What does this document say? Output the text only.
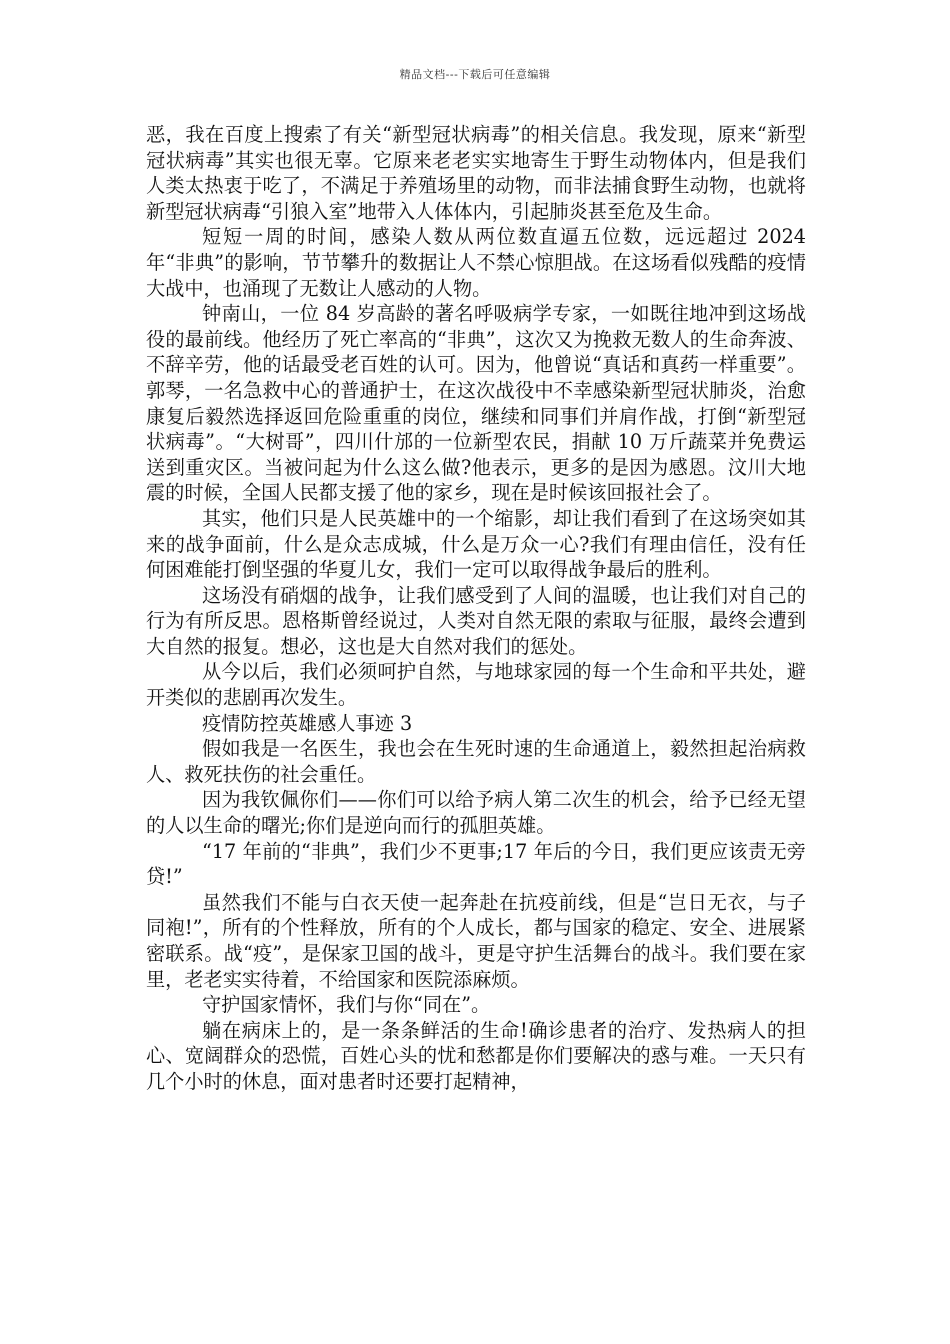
精品文档---下载后可任意编辑

恶，我在百度上搜索了有关“新型冠状病毒”的相关信息。我发现，原来“新型冠状病毒”其实也很无辜。它原来老老实实地寄生于野生动物体内，但是我们人类太热衷于吃了，不满足于养殖场里的动物，而非法捕食野生动物，也就将新型冠状病毒“引狼入室”地带入人体体内，引起肺炎甚至危及生命。

短短一周的时间，感染人数从两位数直逼五位数，远远超过 2024 年“非典”的影响，节节攀升的数据让人不禁心惊胆战。在这场看似残酷的疫情大战中，也涌现了无数让人感动的人物。

钟南山，一位 84 岁高龄的著名呼吸病学专家，一如既往地冲到这场战役的最前线。他经历了死亡率高的“非典”，这次又为挽救无数人的生命奔波、不辞辛劳，他的话最受老百姓的认可。因为，他曾说“真话和真药一样重要”。郭琴，一名急救中心的普通护士，在这次战役中不幸感染新型冠状肺炎，治愈康复后毅然选择返回危险重重的岗位，继续和同事们并肩作战，打倒“新型冠状病毒”。“大树哥”，四川什邡的一位新型农民，捐献 10 万斤蔬菜并免费运送到重灾区。当被问起为什么这么做?他表示，更多的是因为感恩。汶川大地震的时候，全国人民都支援了他的家乡，现在是时候该回报社会了。

其实，他们只是人民英雄中的一个缩影，却让我们看到了在这场突如其来的战争面前，什么是众志成城，什么是万众一心?我们有理由信任，没有任何困难能打倒坚强的华夏儿女，我们一定可以取得战争最后的胜利。

这场没有硝烟的战争，让我们感受到了人间的温暖，也让我们对自己的行为有所反思。恩格斯曾经说过，人类对自然无限的索取与征服，最终会遭到大自然的报复。想必，这也是大自然对我们的惩处。

从今以后，我们必须呵护自然，与地球家园的每一个生命和平共处，避开类似的悲剧再次发生。

疫情防控英雄感人事迹 3

假如我是一名医生，我也会在生死时速的生命通道上，毅然担起治病救人、救死扶伤的社会重任。

因为我钦佩你们——你们可以给予病人第二次生的机会，给予已经无望的人以生命的曙光;你们是逆向而行的孤胆英雄。

“17 年前的“非典”，我们少不更事;17 年后的今日，我们更应该责无旁贷!”

虽然我们不能与白衣天使一起奔赴在抗疫前线，但是“岂日无衣，与子同袍!”，所有的个性释放，所有的个人成长，都与国家的稳定、安全、进展紧密联系。战“疫”，是保家卫国的战斗，更是守护生活舞台的战斗。我们要在家里，老老实实待着，不给国家和医院添麻烦。

守护国家情怀，我们与你“同在”。

躺在病床上的，是一条条鲜活的生命!确诊患者的治疗、发热病人的担心、宽阔群众的恐慌，百姓心头的忧和愁都是你们要解决的惑与难。一天只有几个小时的休息，面对患者时还要打起精神，
